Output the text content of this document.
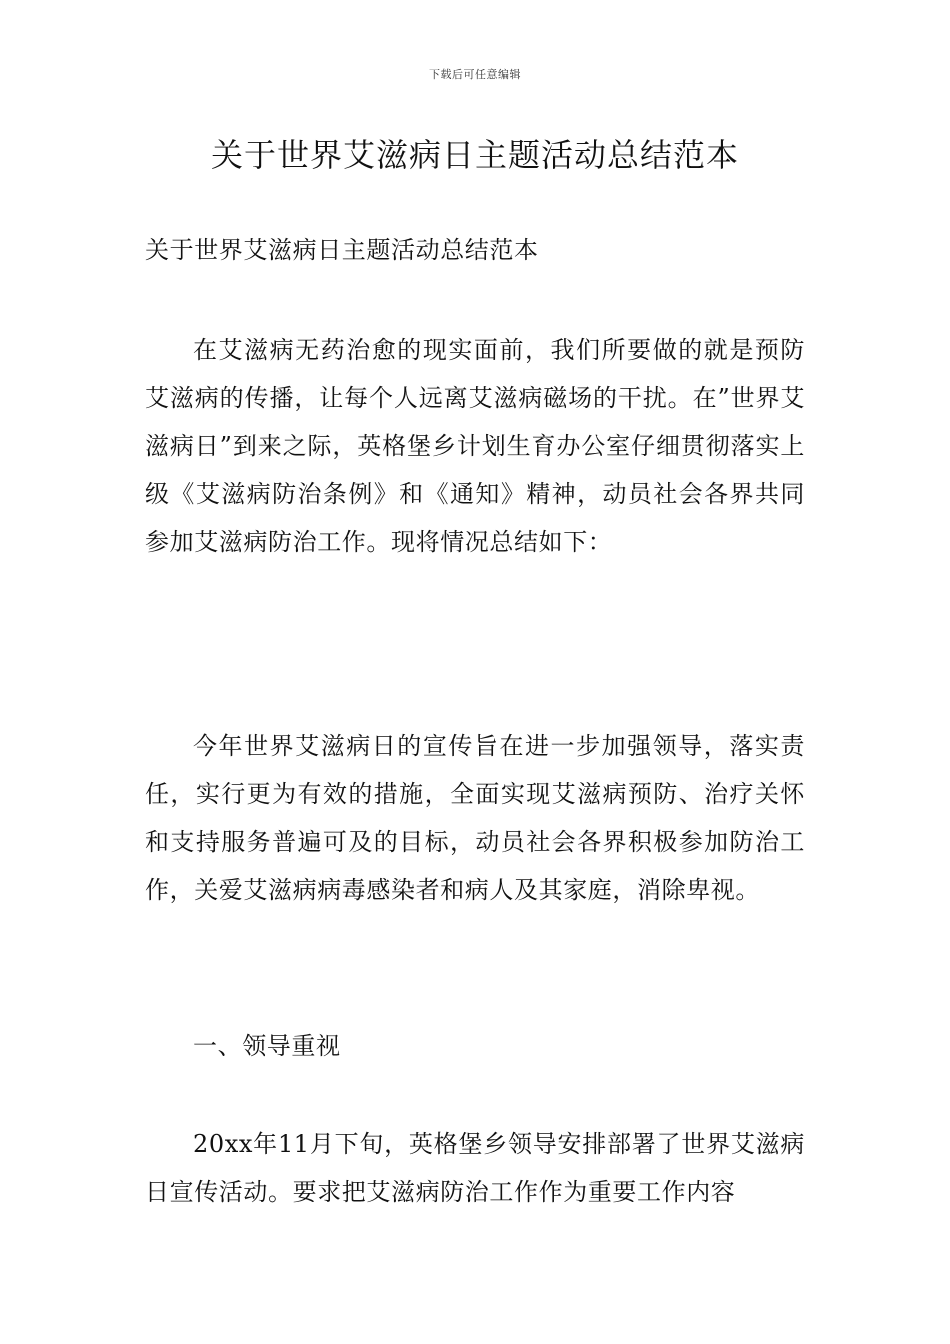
下载后可任意编辑
关于世界艾滋病日主题活动总结范本

关于世界艾滋病日主题活动总结范本

在艾滋病无药治愈的现实面前，我们所要做的就是预防艾滋病的传播，让每个人远离艾滋病磁场的干扰。在”世界艾滋病日”到来之际，英格堡乡计划生育办公室仔细贯彻落实上级《艾滋病防治条例》和《通知》精神，动员社会各界共同参加艾滋病防治工作。现将情况总结如下：

今年世界艾滋病日的宣传旨在进一步加强领导，落实责任，实行更为有效的措施，全面实现艾滋病预防、治疗关怀和支持服务普遍可及的目标，动员社会各界积极参加防治工作，关爱艾滋病病毒感染者和病人及其家庭，消除卑视。

一、领导重视

20xx年11月下旬，英格堡乡领导安排部署了世界艾滋病日宣传活动。要求把艾滋病防治工作作为重要工作内容
